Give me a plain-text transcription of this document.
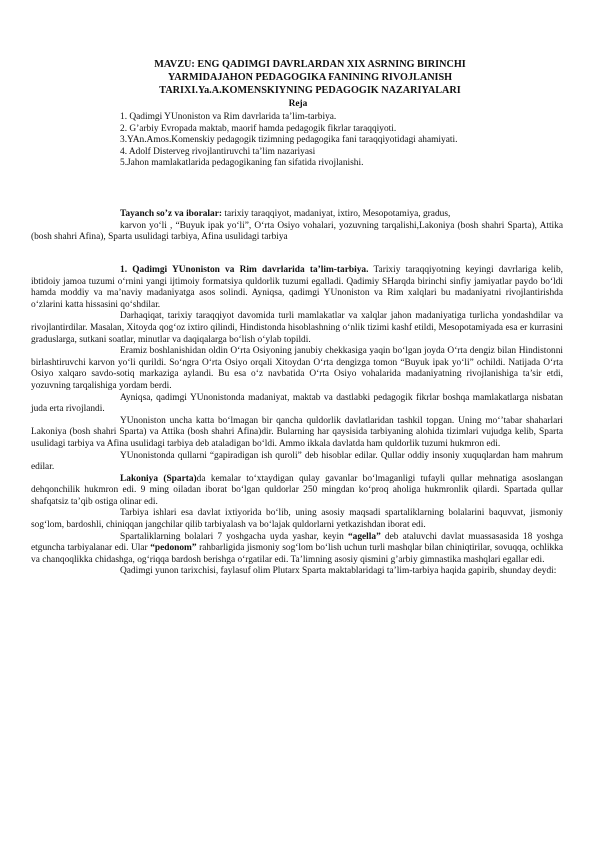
MAVZU: ENG QADIMGI DAVRLARDAN XIX ASRNING BIRINCHI
YARMIDAJAHON PEDAGOGIKA FANINING RIVOJLANISH
TARIXI.Ya.A.KOMENSKIYNING PEDAGOGIK NAZARIYALARI
Reja
1. Qadimgi YUnoniston va Rim davrlarida ta’lim-tarbiya.
2. G’arbiy Evropada maktab, maorif hamda pedagogik fikrlar taraqqiyoti.
3.YAn.Amos.Komenskiy pedagogik tizimning pedagogika fani taraqqiyotidagi ahamiyati.
4. Adolf Disterveg rivojlantiruvchi ta’lim nazariyasi
5.Jahon mamlakatlarida pedagogikaning fan sifatida rivojlanishi.
Tayanch so’z va iboralar: tarixiy taraqqiyot, madaniyat, ixtiro, Mesopotamiya, gradus,
karvon yo‘li , “Buyuk ipak yo‘li”, O‘rta Osiyo vohalari, yozuvning tarqalishi,Lakoniya (bosh shahri Sparta), Attika (bosh shahri Afina), Sparta usulidagi tarbiya, Afina usulidagi tarbiya

1. Qadimgi YUnoniston va Rim davrlarida ta’lim-tarbiya. Tarixiy taraqqiyotning keyingi davrlariga kelib, ibtidoiy jamoa tuzumi o‘rnini yangi ijtimoiy formatsiya quldorlik tuzumi egalladi. Qadimiy SHarqda birinchi sinfiy jamiyatlar paydo bo‘ldi hamda moddiy va ma’naviy madaniyatga asos solindi. Ayniqsa, qadimgi YUnoniston va Rim xalqlari bu madaniyatni rivojlantirishda o‘zlarini katta hissasini qo‘shdilar.

Darhaqiqat, tarixiy taraqqiyot davomida turli mamlakatlar va xalqlar jahon madaniyatiga turlicha yondashdilar va rivojlantirdilar. Masalan, Xitoyda qog‘oz ixtiro qilindi, Hindistonda hisoblashning o‘nlik tizimi kashf etildi, Mesopotamiyada esa er kurrasini graduslarga, sutkani soatlar, minutlar va daqiqalarga bo‘lish o‘ylab topildi.

Eramiz boshlanishidan oldin O‘rta Osiyoning janubiy chekkasiga yaqin bo‘lgan joyda O‘rta dengiz bilan Hindistonni birlashtiruvchi karvon yo‘li qurildi. So‘ngra O‘rta Osiyo orqali Xitoydan O‘rta dengizga tomon “Buyuk ipak yo‘li” ochildi. Natijada O‘rta Osiyo xalqaro savdo-sotiq markaziga aylandi. Bu esa o‘z navbatida O‘rta Osiyo vohalarida madaniyatning rivojlanishiga ta’sir etdi, yozuvning tarqalishiga yordam berdi.

Ayniqsa, qadimgi YUnonistonda madaniyat, maktab va dastlabki pedagogik fikrlar boshqa mamlakatlarga nisbatan juda erta rivojlandi.

YUnoniston uncha katta bo‘lmagan bir qancha quldorlik davlatlaridan tashkil topgan. Uning mo‘’tabar shaharlari Lakoniya (bosh shahri Sparta) va Attika (bosh shahri Afina)dir. Bularning har qaysisida tarbiyaning alohida tizimlari vujudga kelib, Sparta usulidagi tarbiya va Afina usulidagi tarbiya deb ataladigan bo‘ldi. Ammo ikkala davlatda ham quldorlik tuzumi hukmron edi.

YUnonistonda qullarni “gapiradigan ish quroli” deb hisoblar edilar. Qullar oddiy insoniy xuquqlardan ham mahrum edilar.

Lakoniya (Sparta)da kemalar to‘xtaydigan qulay gavanlar bo‘lmaganligi tufayli qullar mehnatiga asoslangan dehqonchilik hukmron edi. 9 ming oiladan iborat bo‘lgan quldorlar 250 mingdan ko‘proq aholiga hukmronlik qilardi. Spartada qullar shafqatsiz ta’qib ostiga olinar edi.

Tarbiya ishlari esa davlat ixtiyorida bo‘lib, uning asosiy maqsadi spartaliklarning bolalarini baquvvat, jismoniy sog‘lom, bardoshli, chiniqqan jangchilar qilib tarbiyalash va bo‘lajak quldorlarni yetkazishdan iborat edi.

Spartaliklarning bolalari 7 yoshgacha uyda yashar, keyin “agella” deb ataluvchi davlat muassasasida 18 yoshga etguncha tarbiyalanar edi. Ular “pedonom” rahbarligida jismoniy sog‘lom bo‘lish uchun turli mashqlar bilan chiniqtirilar, sovuqqa, ochlikka va chanqoqlikka chidashga, og‘riqqa bardosh berishga o‘rgatilar edi. Ta’limning asosiy qismini g’arbiy gimnastika mashqlari egallar edi.

Qadimgi yunon tarixchisi, faylasuf olim Plutarx Sparta maktablaridagi ta’lim-tarbiya haqida gapirib, shunday deydi:
